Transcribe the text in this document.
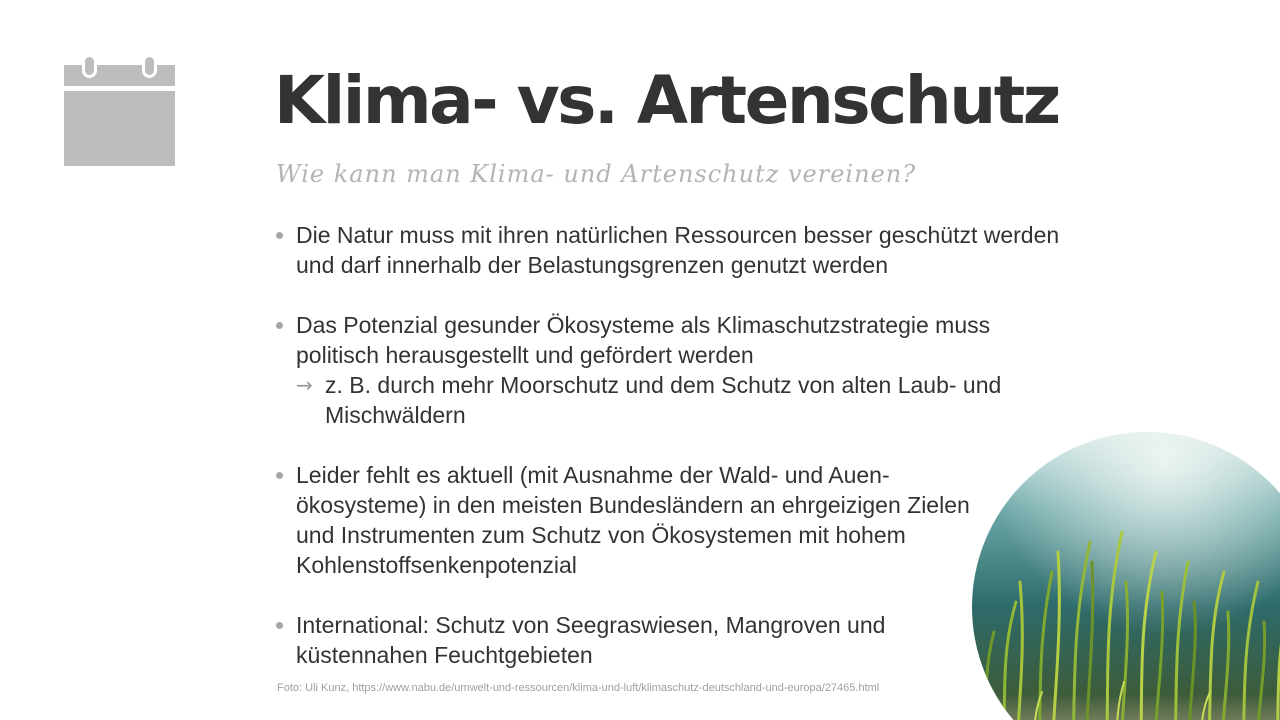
Klima- vs. Artenschutz

Wie kann man Klima- und Artenschutz vereinen?

Die Natur muss mit ihren natürlichen Ressourcen besser geschützt werden und darf innerhalb der Belastungsgrenzen genutzt werden
Das Potenzial gesunder Ökosysteme als Klimaschutzstrategie muss politisch herausgestellt und gefördert werden
→ z. B. durch mehr Moorschutz und dem Schutz von alten Laub- und Mischwäldern
Leider fehlt es aktuell (mit Ausnahme der Wald- und Auen-ökosysteme) in den meisten Bundesländern an ehrgeizigen Zielen und Instrumenten zum Schutz von Ökosystemen mit hohem Kohlenstoffsenkenpotenzial
International: Schutz von Seegraswiesen, Mangroven und küstennahen Feuchtgebieten
Foto: Uli Kunz, https://www.nabu.de/umwelt-und-ressourcen/klima-und-luft/klimaschutz-deutschland-und-europa/27465.html
